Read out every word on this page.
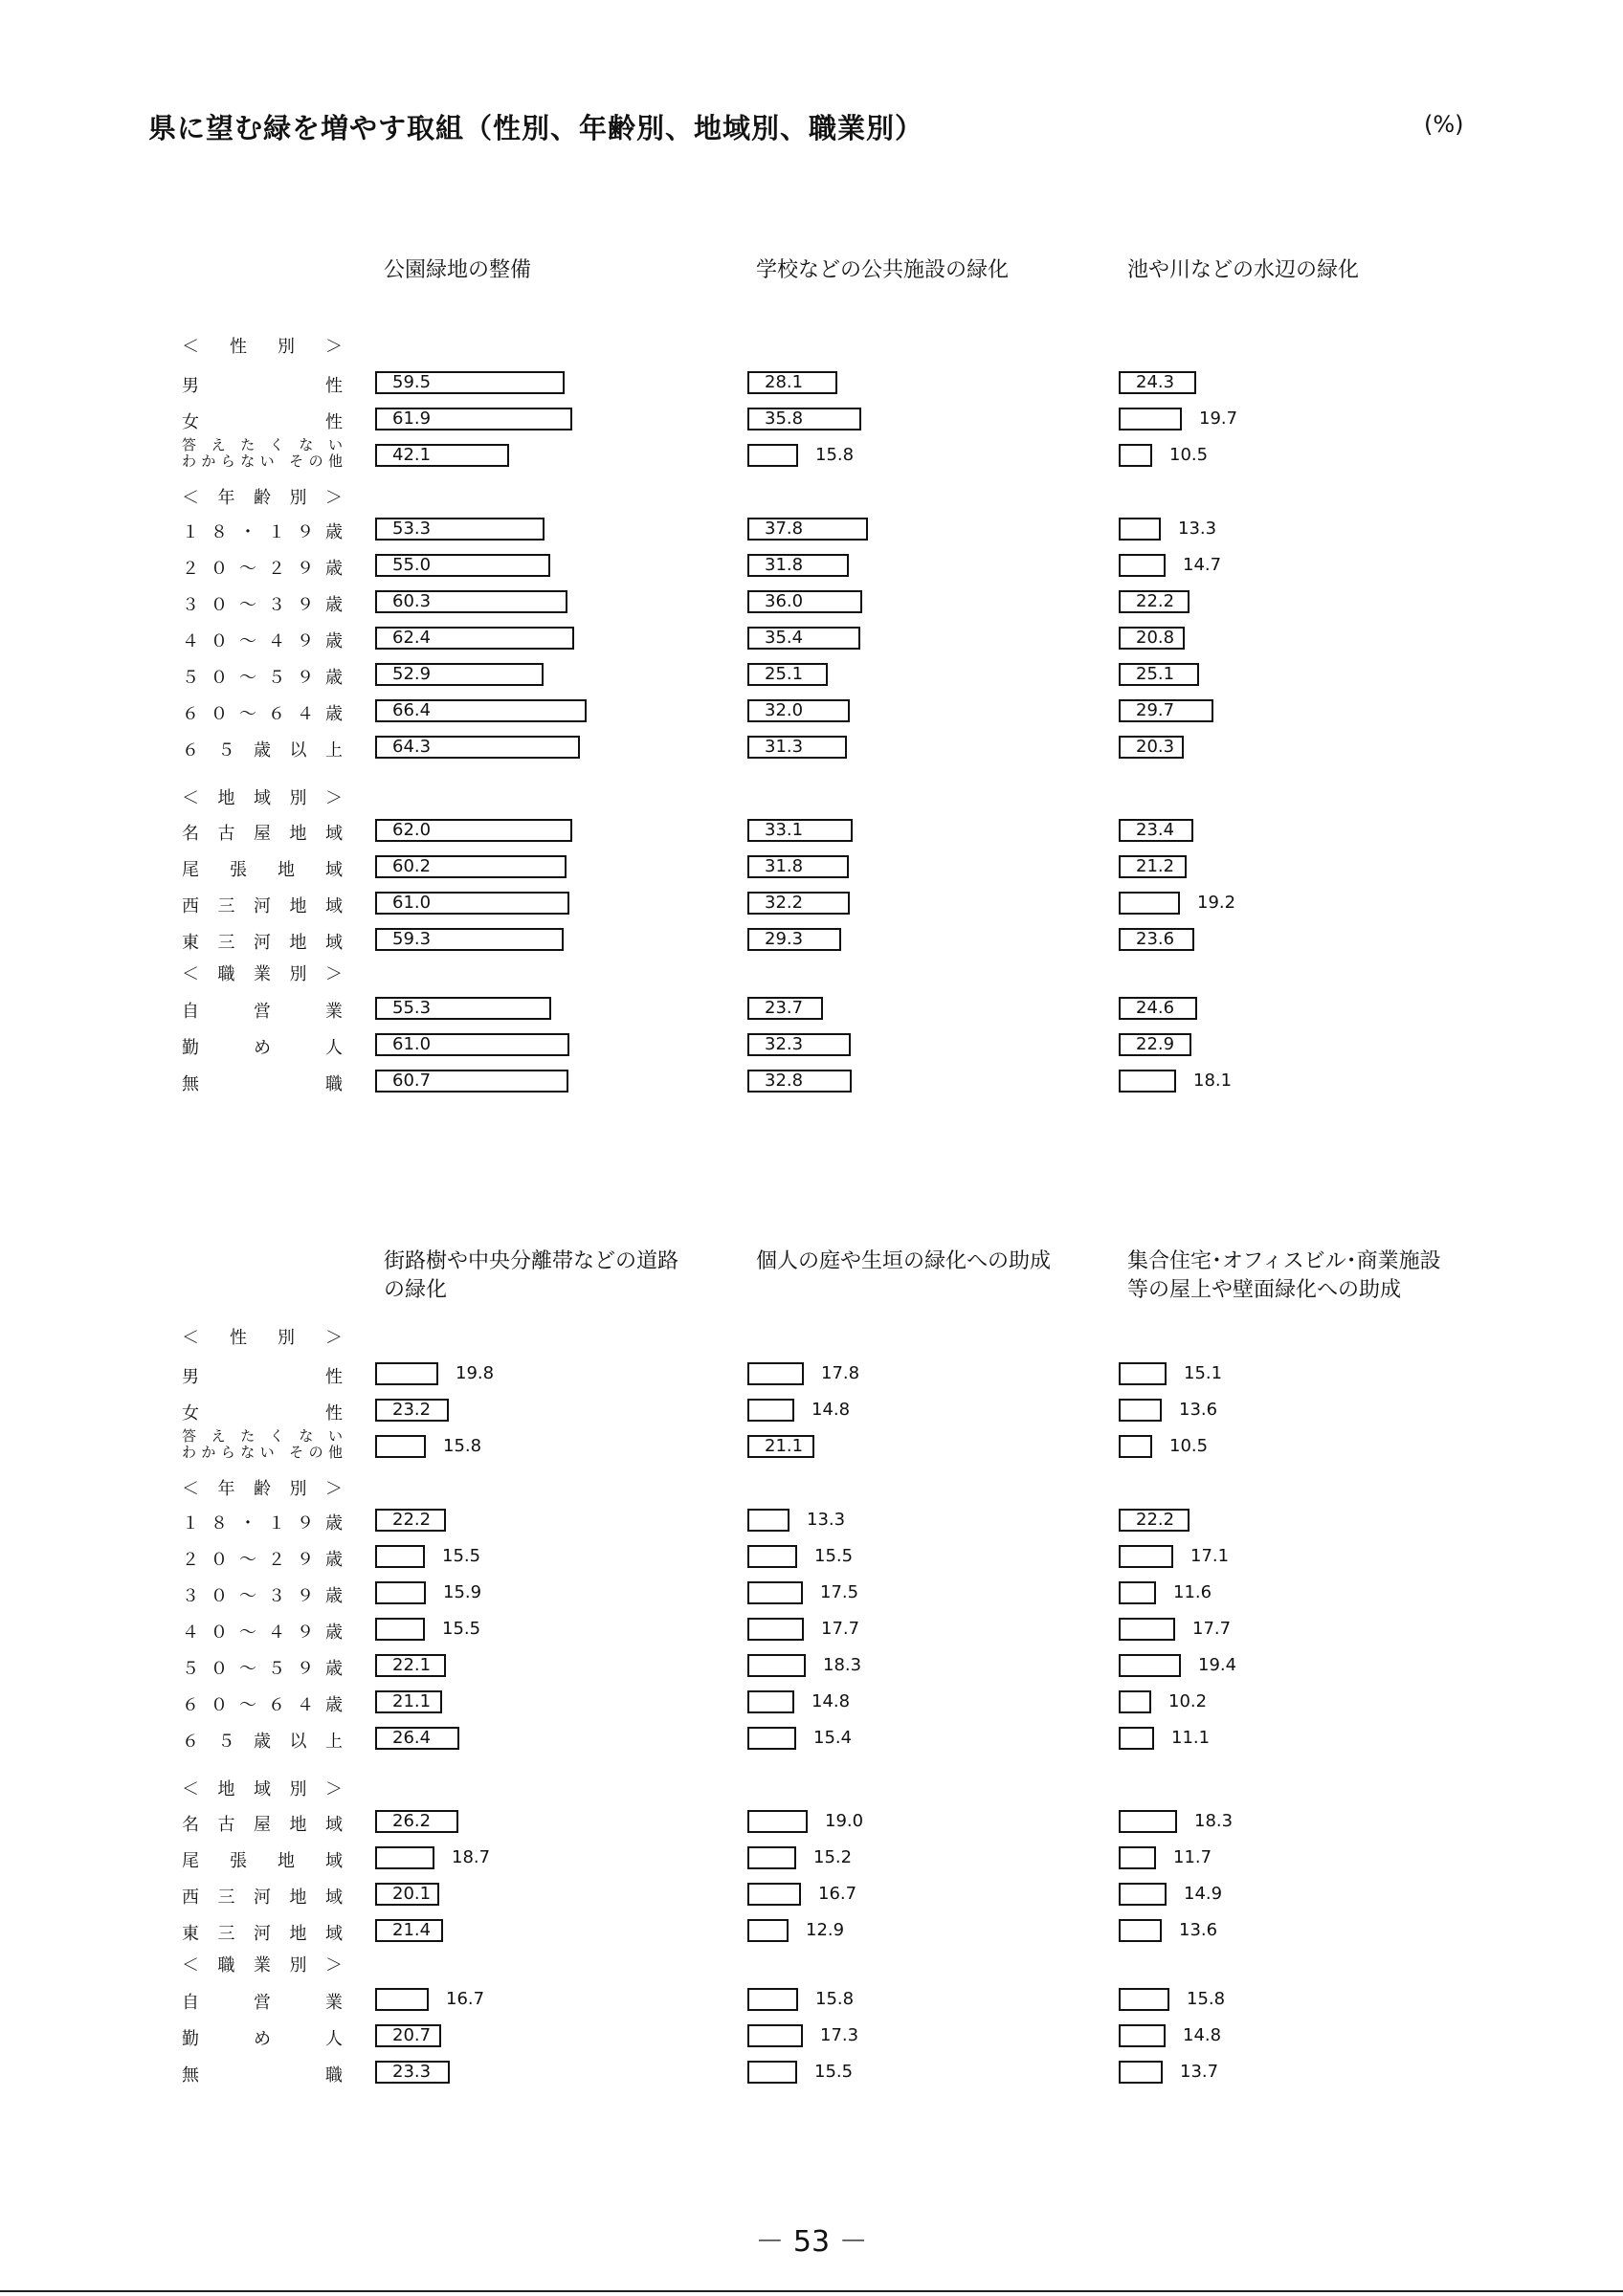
県に望む緑を増やす取組（性別、年齢別、地域別、職業別）	(%)
＜性別＞
＜年齢別＞
＜地域別＞
＜職業別＞
男性
女性
答えたくない
わからない その他
１８・１９歳
２０～２９歳
３０～３９歳
４０～４９歳
５０～５９歳
６０～６４歳
６５歳以上
名古屋地域
尾張地域
西三河地域
東三河地域
自営業
勤め人
無職
公園緑地の整備
59.5
61.9
42.1
53.3
55.0
60.3
62.4
52.9
66.4
64.3
62.0
60.2
61.0
59.3
55.3
61.0
60.7
学校などの公共施設の緑化
28.1
35.8
15.8
37.8
31.8
36.0
35.4
25.1
32.0
31.3
33.1
31.8
32.2
29.3
23.7
32.3
32.8
池や川などの水辺の緑化
24.3
19.7
10.5
13.3
14.7
22.2
20.8
25.1
29.7
20.3
23.4
21.2
19.2
23.6
24.6
22.9
18.1
＜性別＞
＜年齢別＞
＜地域別＞
＜職業別＞
男性
女性
答えたくない
わからない その他
１８・１９歳
２０～２９歳
３０～３９歳
４０～４９歳
５０～５９歳
６０～６４歳
６５歳以上
名古屋地域
尾張地域
西三河地域
東三河地域
自営業
勤め人
無職
街路樹や中央分離帯などの道路
の緑化
19.8
23.2
15.8
22.2
15.5
15.9
15.5
22.1
21.1
26.4
26.2
18.7
20.1
21.4
16.7
20.7
23.3
個人の庭や生垣の緑化への助成
17.8
14.8
21.1
13.3
15.5
17.5
17.7
18.3
14.8
15.4
19.0
15.2
16.7
12.9
15.8
17.3
15.5
集合住宅･オフィスビル･商業施設
等の屋上や壁面緑化への助成
15.1
13.6
10.5
22.2
17.1
11.6
17.7
19.4
10.2
11.1
18.3
11.7
14.9
13.6
15.8
14.8
13.7
－ 53 －
